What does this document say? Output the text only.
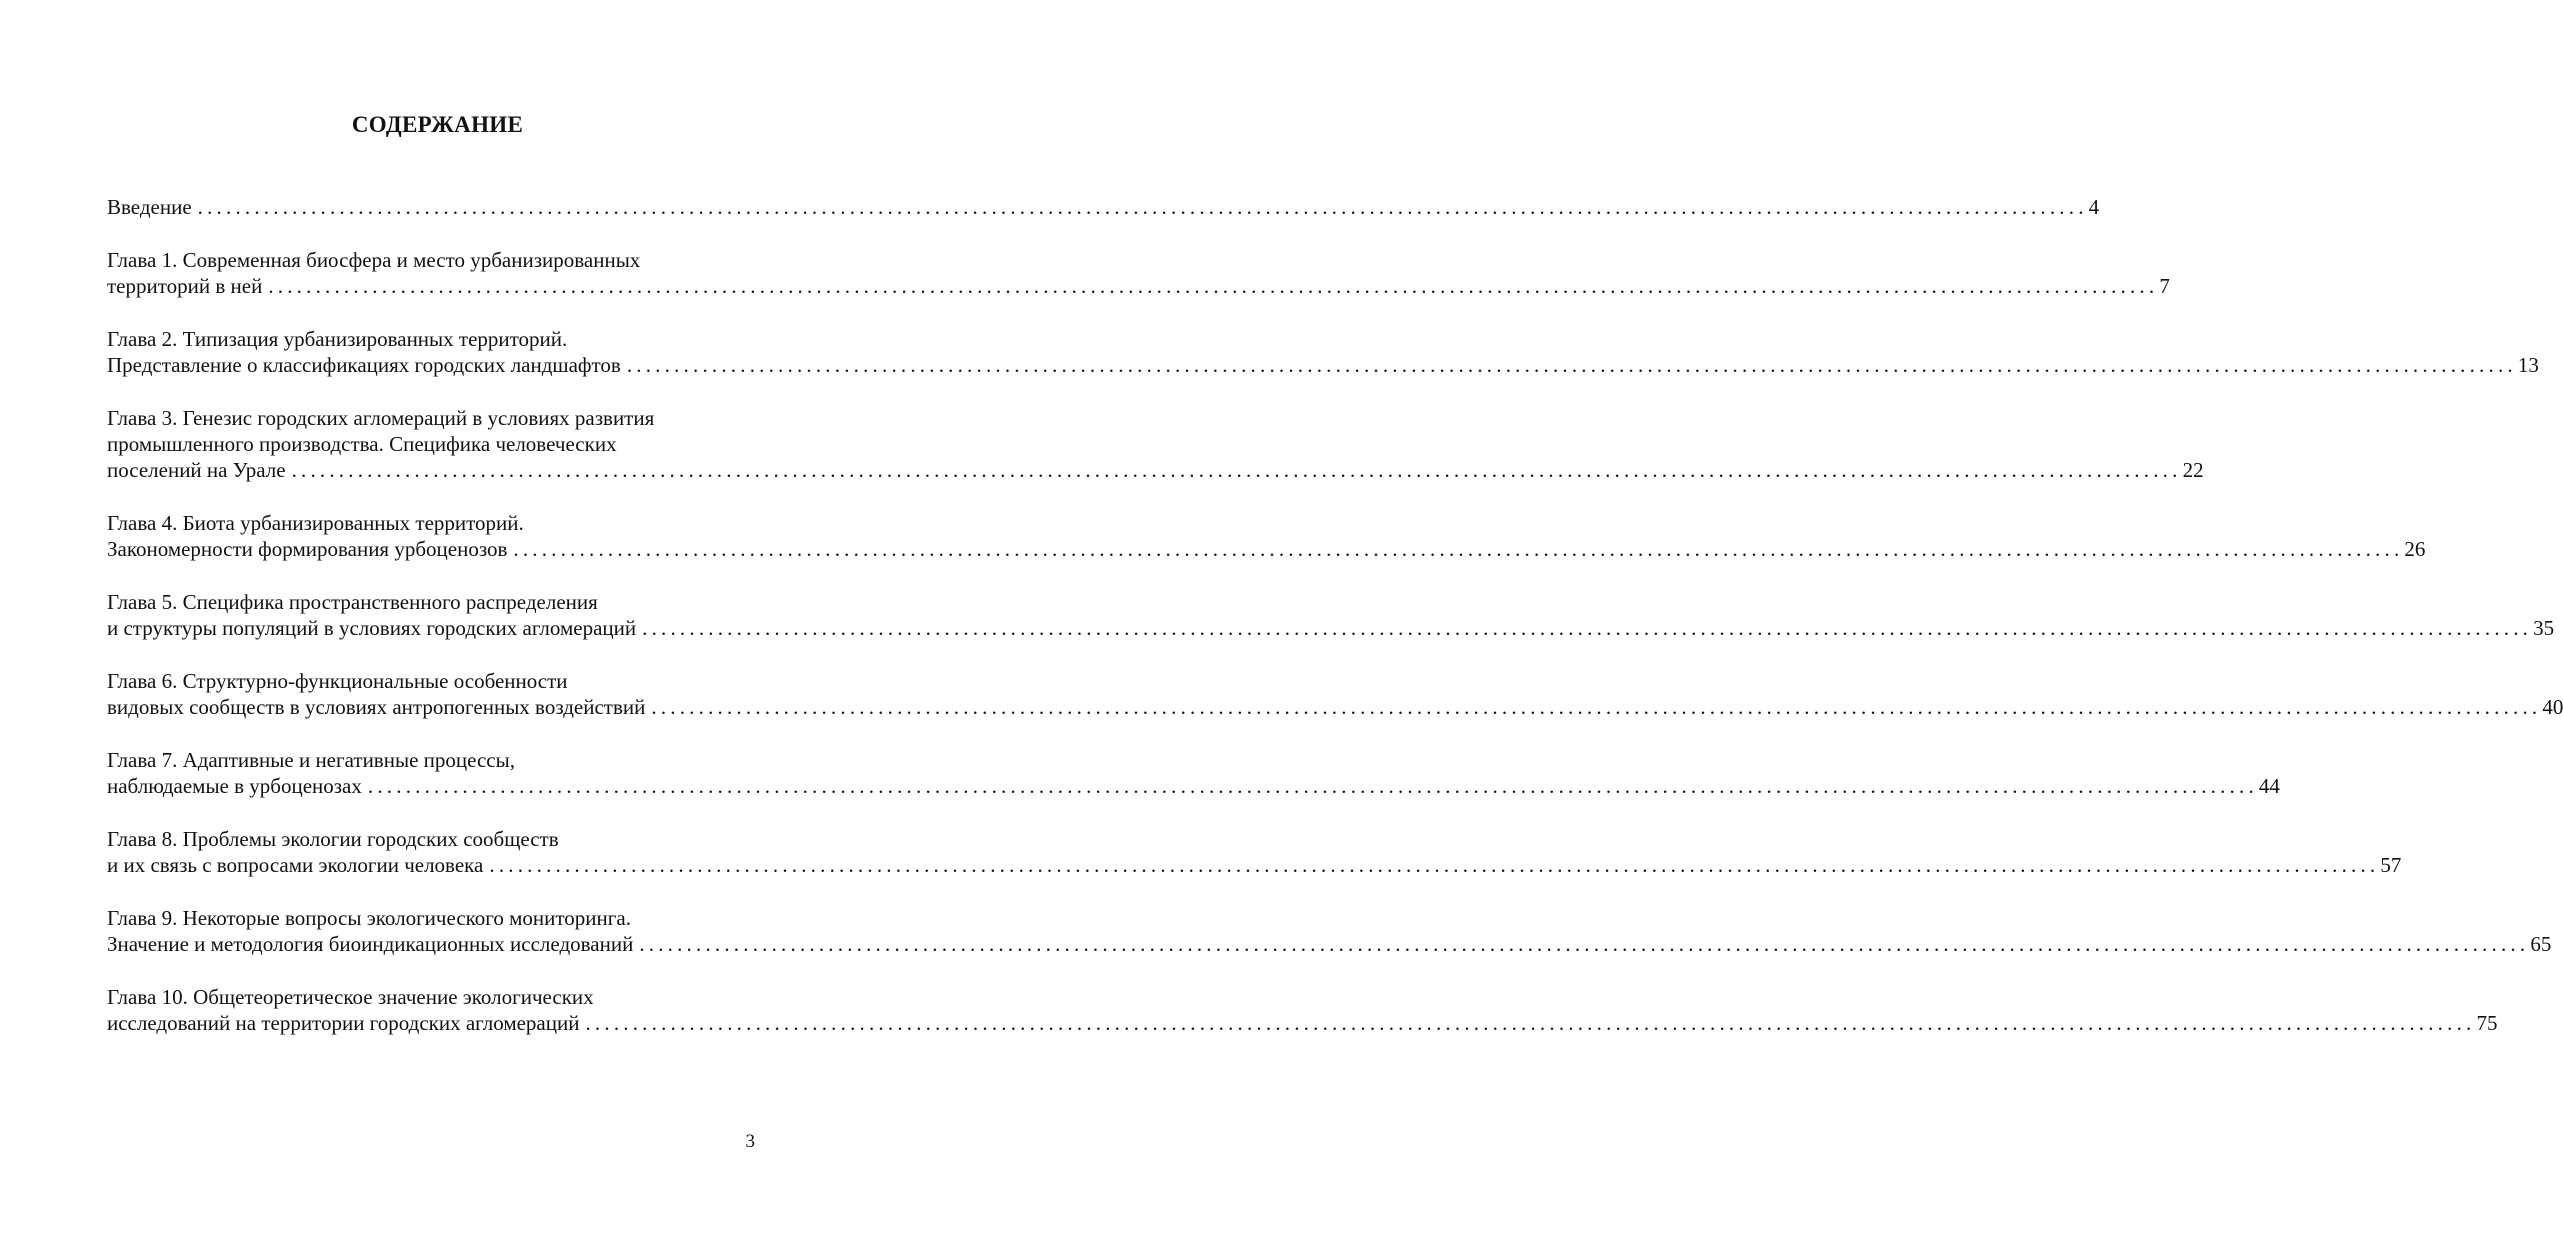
СОДЕРЖАНИЕ
Введение ........................................................................................................................................................................................................ 4
Глава 1. Современная биосфера и место урбанизированных
территорий в ней ........................................................................................................................................................................................................ 7
Глава 2. Типизация урбанизированных территорий.
Представление о классификациях городских ландшафтов ........................................................................................................................................................................................................ 13
Глава 3. Генезис городских агломераций в условиях развития
промышленного производства. Специфика человеческих
поселений на Урале ........................................................................................................................................................................................................ 22
Глава 4. Биота урбанизированных территорий.
Закономерности формирования урбоценозов ........................................................................................................................................................................................................ 26
Глава 5. Специфика пространственного распределения
и структуры популяций в условиях городских агломераций ........................................................................................................................................................................................................ 35
Глава 6. Структурно-функциональные особенности
видовых сообществ в условиях антропогенных воздействий ........................................................................................................................................................................................................ 40
Глава 7. Адаптивные и негативные процессы,
наблюдаемые в урбоценозах ........................................................................................................................................................................................................ 44
Глава 8. Проблемы экологии городских сообществ
и их связь с вопросами экологии человека ........................................................................................................................................................................................................ 57
Глава 9. Некоторые вопросы экологического мониторинга.
Значение и методология биоиндикационных исследований ........................................................................................................................................................................................................ 65
Глава 10. Общетеоретическое значение экологических
исследований на территории городских агломераций ........................................................................................................................................................................................................ 75
3
